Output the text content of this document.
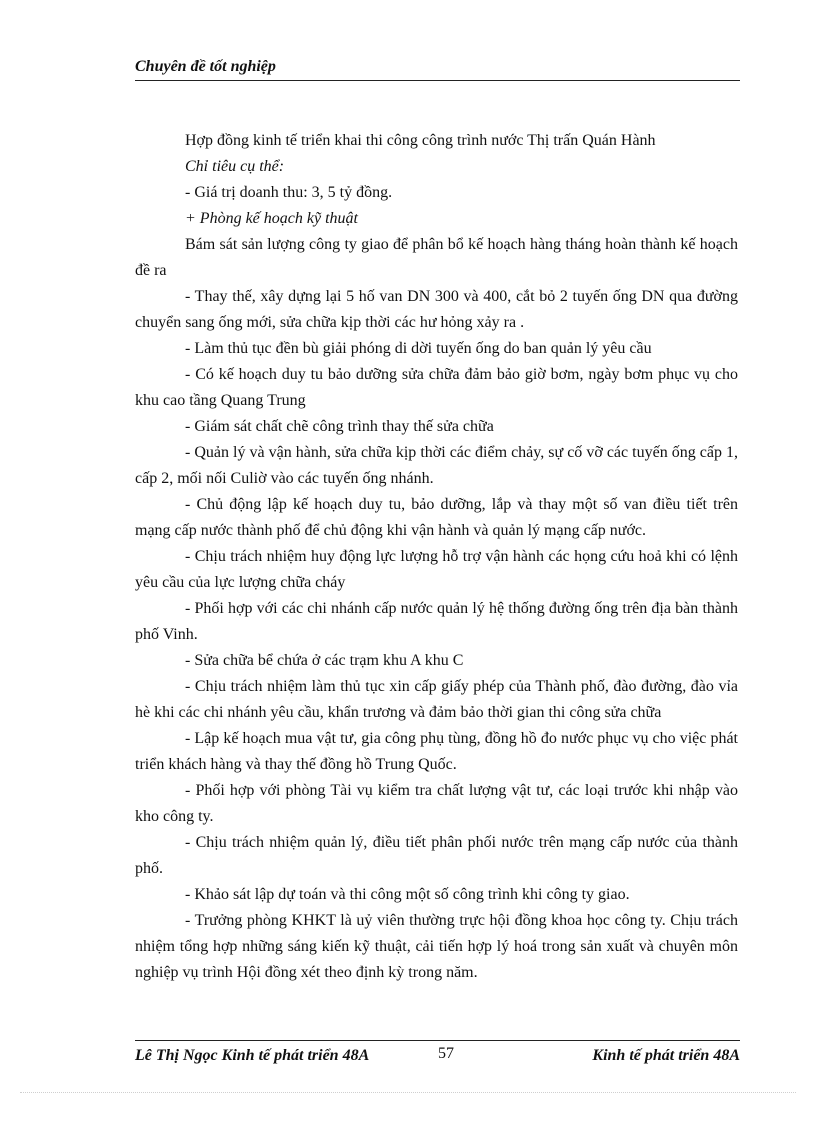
Chuyên đề tốt nghiệp

Hợp đồng kinh tế triển khai thi công công trình nước Thị trấn Quán Hành

Chỉ tiêu cụ thể:

- Giá trị doanh thu: 3, 5 tỷ đồng.

+ Phòng kế hoạch kỹ thuật

Bám sát sản lượng công ty giao để phân bổ kế hoạch hàng tháng hoàn thành kế hoạch đề ra

- Thay thế, xây dựng lại 5 hố van DN 300 và 400, cắt bỏ 2 tuyến ống DN qua đường chuyển sang ống mới, sửa chữa kịp thời các hư hỏng xảy ra .

- Làm thủ tục đền bù giải phóng di dời tuyến ống do ban quản lý yêu cầu

- Có kế hoạch duy tu bảo dưỡng sửa chữa đảm bảo giờ bơm, ngày bơm phục vụ cho khu cao tầng Quang Trung

- Giám sát chất chẽ công trình thay thế sửa chữa

- Quản lý và vận hành, sửa chữa kịp thời các điểm chảy, sự cố vỡ các tuyến ống cấp 1, cấp 2, mối nối Culiờ vào các tuyến ống nhánh.

- Chủ động lập kế hoạch duy tu, bảo dưỡng, lắp và thay một số van điều tiết trên mạng cấp nước thành phố để chủ động khi vận hành và quản lý mạng cấp nước.

- Chịu trách nhiệm huy động lực lượng hỗ trợ vận hành các họng cứu hoả khi có lệnh yêu cầu của lực lượng chữa cháy

- Phối hợp với các chi nhánh cấp nước quản lý hệ thống đường ống trên địa bàn thành phố Vinh.

- Sửa chữa bể chứa ở các trạm khu A khu C

- Chịu trách nhiệm làm thủ tục xin cấp giấy phép của Thành phố, đào đường, đào vỉa hè khi các chi nhánh yêu cầu, khẩn trương và đảm bảo thời gian thi công sửa chữa

- Lập kế hoạch mua vật tư, gia công phụ tùng, đồng hồ đo nước phục vụ cho việc phát triển khách hàng và thay thế đồng hồ Trung Quốc.

- Phối hợp với phòng Tài vụ kiểm tra chất lượng vật tư, các loại trước khi nhập vào kho công ty.

- Chịu trách nhiệm quản lý, điều tiết phân phối nước trên mạng cấp nước của thành phố.

- Khảo sát lập dự toán và thi công một số công trình khi công ty giao.

- Trưởng phòng KHKT là uỷ viên thường trực hội đồng khoa học công ty. Chịu trách nhiệm tổng hợp những sáng kiến kỹ thuật, cải tiến hợp lý hoá trong sản xuất và chuyên môn nghiệp vụ trình Hội đồng xét theo định kỳ trong năm.

Lê Thị Ngọc Kinh tế phát triển 48A	57	Kinh tế phát triển 48A
